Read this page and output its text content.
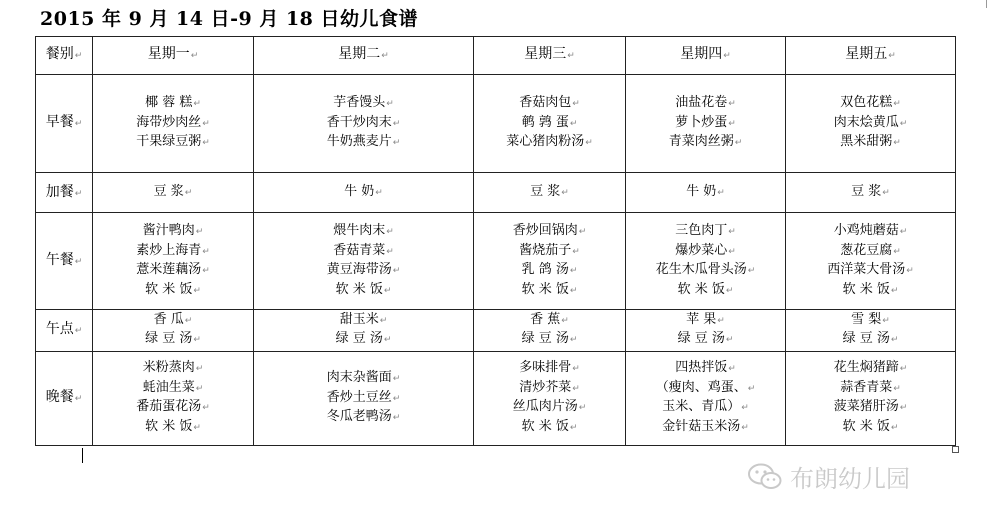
2015 年 9 月 14 日-9 月 18 日幼儿食谱
餐别↵	星期一↵	星期二↵	星期三↵	星期四↵	星期五↵
早餐↵	椰 蓉 糕↵
海带炒肉丝↵
干果绿豆粥↵	芋香馒头↵
香干炒肉末↵
牛奶燕麦片↵	香菇肉包↵
鹌 鹑 蛋↵
菜心猪肉粉汤↵	油盐花卷↵
萝卜炒蛋↵
青菜肉丝粥↵	双色花糕↵
肉末烩黄瓜↵
黑米甜粥↵

加餐↵	豆 浆↵	牛 奶↵	豆 浆↵	牛 奶↵	豆 浆↵

午餐↵	酱汁鸭肉↵
素炒上海青↵
薏米莲藕汤↵
软 米 饭↵	煨牛肉末↵
香菇青菜↵
黄豆海带汤↵
软 米 饭↵	香炒回锅肉↵
酱烧茄子↵
乳 鸽 汤↵
软 米 饭↵	三色肉丁↵
爆炒菜心↵
花生木瓜骨头汤↵
软 米 饭↵	小鸡炖蘑菇↵
葱花豆腐↵
西洋菜大骨汤↵
软 米 饭↵

午点↵	香 瓜↵
绿 豆 汤↵	甜玉米↵
绿 豆 汤↵	香 蕉↵
绿 豆 汤↵	苹 果↵
绿 豆 汤↵	雪 梨↵
绿 豆 汤↵

晚餐↵	米粉蒸肉↵
蚝油生菜↵
番茄蛋花汤↵
软 米 饭↵	肉末杂酱面↵
香炒土豆丝↵
冬瓜老鸭汤↵	多味排骨↵
清炒芥菜↵
丝瓜肉片汤↵
软 米 饭↵	四热拌饭↵
（瘦肉、鸡蛋、↵
玉米、青瓜）↵
金针菇玉米汤↵	花生焖猪蹄↵
蒜香青菜↵
菠菜猪肝汤↵
软 米 饭↵
布朗幼儿园
